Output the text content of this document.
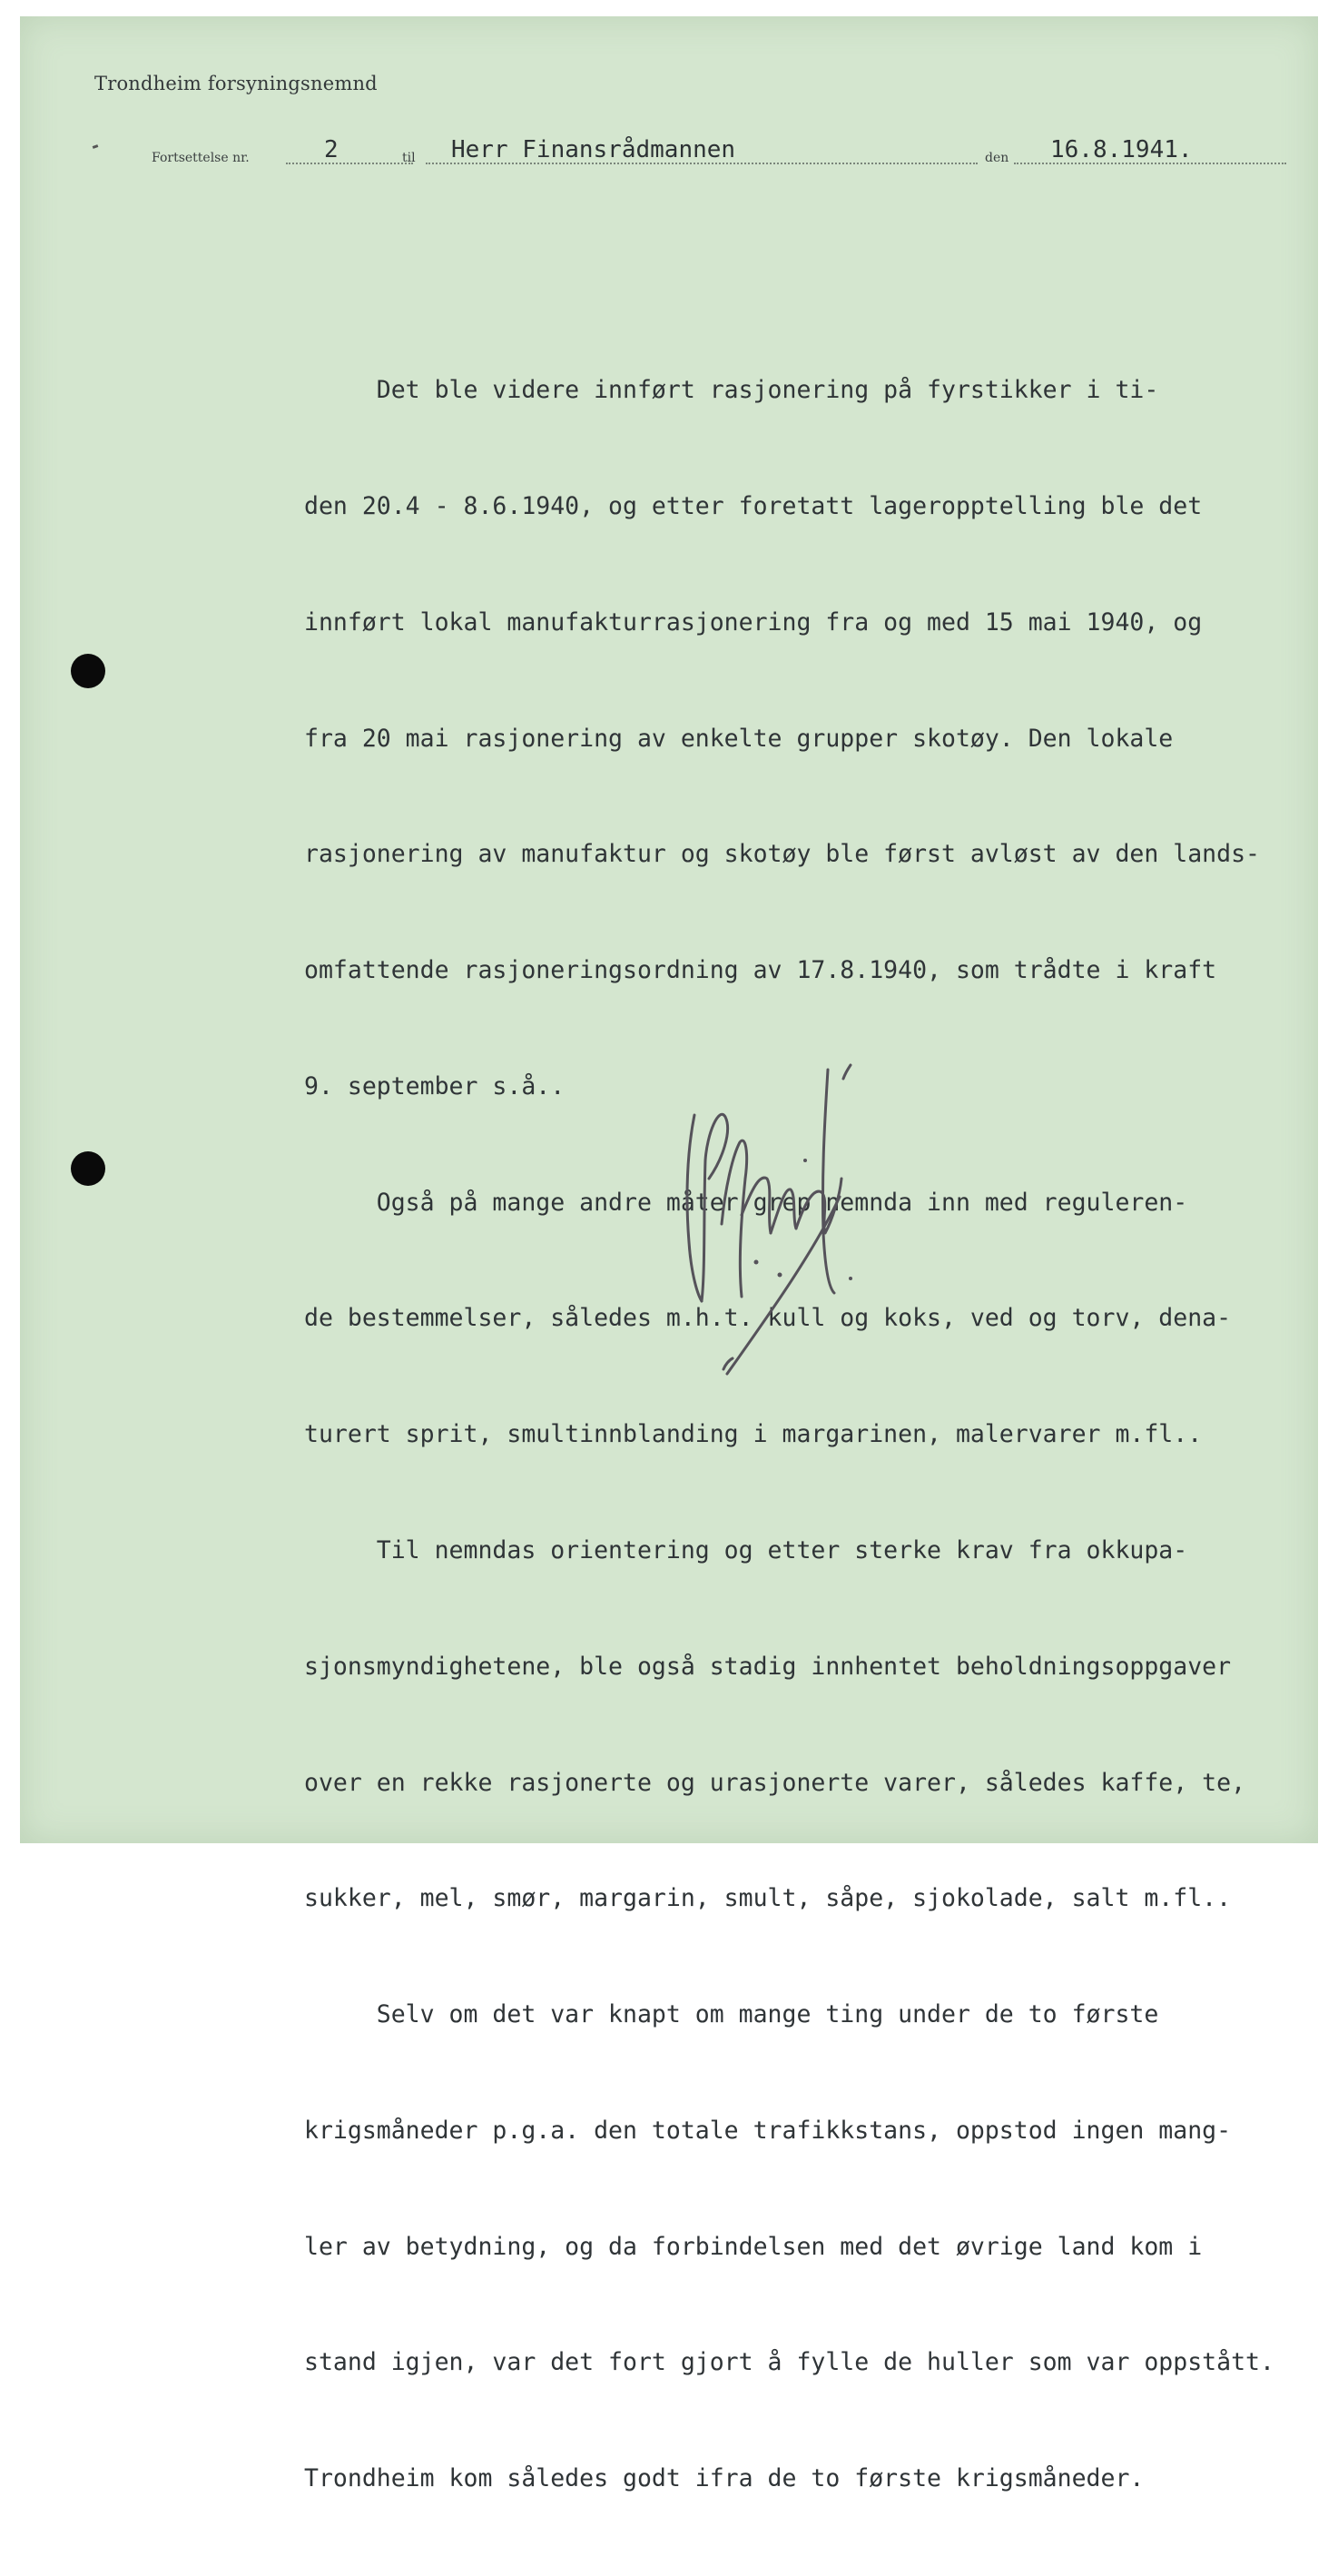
Trondheim forsyningsnemnd
Fortsettelse nr.	2	til Herr Finansrådmannen	den 16.8.1941.

Det ble videre innført rasjonering på fyrstikker i ti-

den 20.4 - 8.6.1940, og etter foretatt lageropptelling ble det

innført lokal manufakturrasjonering fra og med 15 mai 1940, og

fra 20 mai rasjonering av enkelte grupper skotøy. Den lokale

rasjonering av manufaktur og skotøy ble først avløst av den lands-

omfattende rasjoneringsordning av 17.8.1940, som trådte i kraft

9. september s.å..

Også på mange andre måter grep nemnda inn med reguleren-

de bestemmelser, således m.h.t. kull og koks, ved og torv, dena-

turert sprit, smultinnblanding i margarinen, malervarer m.fl..

Til nemndas orientering og etter sterke krav fra okkupa-

sjonsmyndighetene, ble også stadig innhentet beholdningsoppgaver

over en rekke rasjonerte og urasjonerte varer, således kaffe, te,

sukker, mel, smør, margarin, smult, såpe, sjokolade, salt m.fl..

Selv om det var knapt om mange ting under de to første

krigsmåneder p.g.a. den totale trafikkstans, oppstod ingen mang-

ler av betydning, og da forbindelsen med det øvrige land kom i

stand igjen, var det fort gjort å fylle de huller som var oppstått.

Trondheim kom således godt ifra de to første krigsmåneder.
